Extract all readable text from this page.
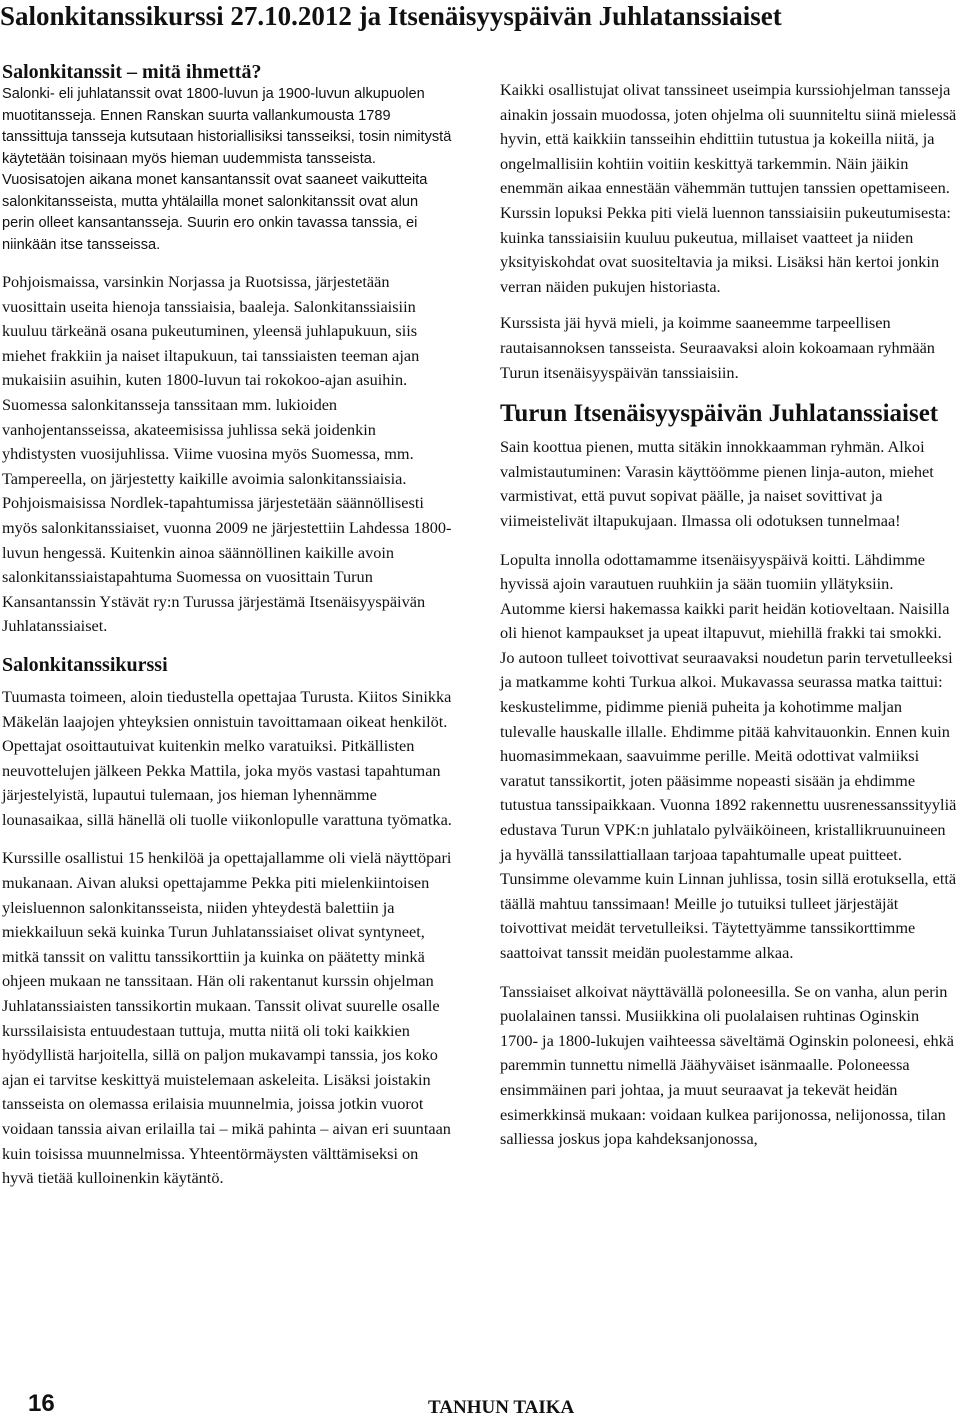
Salonkitanssikurssi 27.10.2012 ja Itsenäisyyspäivän Juhlatanssiaiset
Salonkitanssit – mitä ihmettä?

Salonki- eli juhlatanssit ovat 1800-luvun ja 1900-luvun alkupuolen muotitansseja. Ennen Ranskan suurta vallankumousta 1789 tanssittuja tansseja kutsutaan historiallisiksi tansseiksi, tosin nimitystä käytetään toisinaan myös hieman uudemmista tansseista. Vuosisatojen aikana monet kansantanssit ovat saaneet vaikutteita salonkitansseista, mutta yhtälailla monet salonkitanssit ovat alun perin olleet kansantansseja. Suurin ero onkin tavassa tanssia, ei niinkään itse tansseissa.

Pohjoismaissa, varsinkin Norjassa ja Ruotsissa, järjestetään vuosittain useita hienoja tanssiaisia, baaleja. Salonkitanssiaisiin kuuluu tärkeänä osana pukeutuminen, yleensä juhlapukuun, siis miehet frakkiin ja naiset iltapukuun, tai tanssiaisten teeman ajan mukaisiin asuihin, kuten 1800-luvun tai rokokoo-ajan asuihin. Suomessa salonkitansseja tanssitaan mm. lukioiden vanhojentansseissa, akateemisissa juhlissa sekä joidenkin yhdistysten vuosijuhlissa. Viime vuosina myös Suomessa, mm. Tampereella, on järjestetty kaikille avoimia salonkitanssiaisia. Pohjoismaisissa Nordlek-tapahtumissa järjestetään säännöllisesti myös salonkitanssiaiset, vuonna 2009 ne järjestettiin Lahdessa 1800-luvun hengessä. Kuitenkin ainoa säännöllinen kaikille avoin salonkitanssiaistapahtuma Suomessa on vuosittain Turun Kansantanssin Ystävät ry:n Turussa järjestämä Itsenäisyyspäivän Juhlatanssiaiset.

Salonkitanssikurssi

Tuumasta toimeen, aloin tiedustella opettajaa Turusta. Kiitos Sinikka Mäkelän laajojen yhteyksien onnistuin tavoittamaan oikeat henkilöt. Opettajat osoittautuivat kuitenkin melko varatuiksi. Pitkällisten neuvottelujen jälkeen Pekka Mattila, joka myös vastasi tapahtuman järjestelyistä, lupautui tulemaan, jos hieman lyhennämme lounasaikaa, sillä hänellä oli tuolle viikonlopulle varattuna työmatka.

Kurssille osallistui 15 henkilöä ja opettajallamme oli vielä näyttöpari mukanaan. Aivan aluksi opettajamme Pekka piti mielenkiintoisen yleisluennon salonkitansseista, niiden yhteydestä balettiin ja miekkailuun sekä kuinka Turun Juhlatanssiaiset olivat syntyneet, mitkä tanssit on valittu tanssikorttiin ja kuinka on päätetty minkä ohjeen mukaan ne tanssitaan. Hän oli rakentanut kurssin ohjelman Juhlatanssiaisten tanssikortin mukaan. Tanssit olivat suurelle osalle kurssilaisista entuudestaan tuttuja, mutta niitä oli toki kaikkien hyödyllistä harjoitella, sillä on paljon mukavampi tanssia, jos koko ajan ei tarvitse keskittyä muistelemaan askeleita. Lisäksi joistakin tansseista on olemassa erilaisia muunnelmia, joissa jotkin vuorot voidaan tanssia aivan erilailla tai – mikä pahinta – aivan eri suuntaan kuin toisissa muunnelmissa. Yhteentörmäysten välttämiseksi on hyvä tietää kulloinenkin käytäntö.

Kaikki osallistujat olivat tanssineet useimpia kurssiohjelman tansseja ainakin jossain muodossa, joten ohjelma oli suunniteltu siinä mielessä hyvin, että kaikkiin tansseihin ehdittiin tutustua ja kokeilla niitä, ja ongelmallisiin kohtiin voitiin keskittyä tarkemmin. Näin jäikin enemmän aikaa ennestään vähemmän tuttujen tanssien opettamiseen. Kurssin lopuksi Pekka piti vielä luennon tanssiaisiin pukeutumisesta: kuinka tanssiaisiin kuuluu pukeutua, millaiset vaatteet ja niiden yksityiskohdat ovat suositeltavia ja miksi. Lisäksi hän kertoi jonkin verran näiden pukujen historiasta.

Kurssista jäi hyvä mieli, ja koimme saaneemme tarpeellisen rautaisannoksen tansseista. Seuraavaksi aloin kokoamaan ryhmään Turun itsenäisyyspäivän tanssiaisiin.

Turun Itsenäisyyspäivän Juhlatanssiaiset

Sain koottua pienen, mutta sitäkin innokkaamman ryhmän. Alkoi valmistautuminen: Varasin käyttöömme pienen linja-auton, miehet varmistivat, että puvut sopivat päälle, ja naiset sovittivat ja viimeistelivät iltapukujaan. Ilmassa oli odotuksen tunnelmaa!

Lopulta innolla odottamamme itsenäisyyspäivä koitti. Lähdimme hyvissä ajoin varautuen ruuhkiin ja sään tuomiin yllätyksiin. Automme kiersi hakemassa kaikki parit heidän kotioveltaan. Naisilla oli hienot kampaukset ja upeat iltapuvut, miehillä frakki tai smokki. Jo autoon tulleet toivottivat seuraavaksi noudetun parin tervetulleeksi ja matkamme kohti Turkua alkoi. Mukavassa seurassa matka taittui: keskustelimme, pidimme pieniä puheita ja kohotimme maljan tulevalle hauskalle illalle. Ehdimme pitää kahvitauonkin. Ennen kuin huomasimmekaan, saavuimme perille. Meitä odottivat valmiiksi varatut tanssikortit, joten pääsimme nopeasti sisään ja ehdimme tutustua tanssipaikkaan. Vuonna 1892 rakennettu uusrenessanssityyliä edustava Turun VPK:n juhlatalo pylväiköineen, kristallikruunuineen ja hyvällä tanssilattiallaan tarjoaa tapahtumalle upeat puitteet. Tunsimme olevamme kuin Linnan juhlissa, tosin sillä erotuksella, että täällä mahtuu tanssimaan! Meille jo tutuiksi tulleet järjestäjät toivottivat meidät tervetulleiksi. Täytettyämme tanssikorttimme saattoivat tanssit meidän puolestamme alkaa.

Tanssiaiset alkoivat näyttävällä poloneesilla. Se on vanha, alun perin puolalainen tanssi. Musiikkina oli puolalaisen ruhtinas Oginskin 1700- ja 1800-lukujen vaihteessa säveltämä Oginskin poloneesi, ehkä paremmin tunnettu nimellä Jäähyväiset isänmaalle. Poloneessa ensimmäinen pari johtaa, ja muut seuraavat ja tekevät heidän esimerkkinsä mukaan: voidaan kulkea parijonossa, nelijonossa, tilan salliessa joskus jopa kahdeksanjonossa,

16	TANHUN TAIKA
